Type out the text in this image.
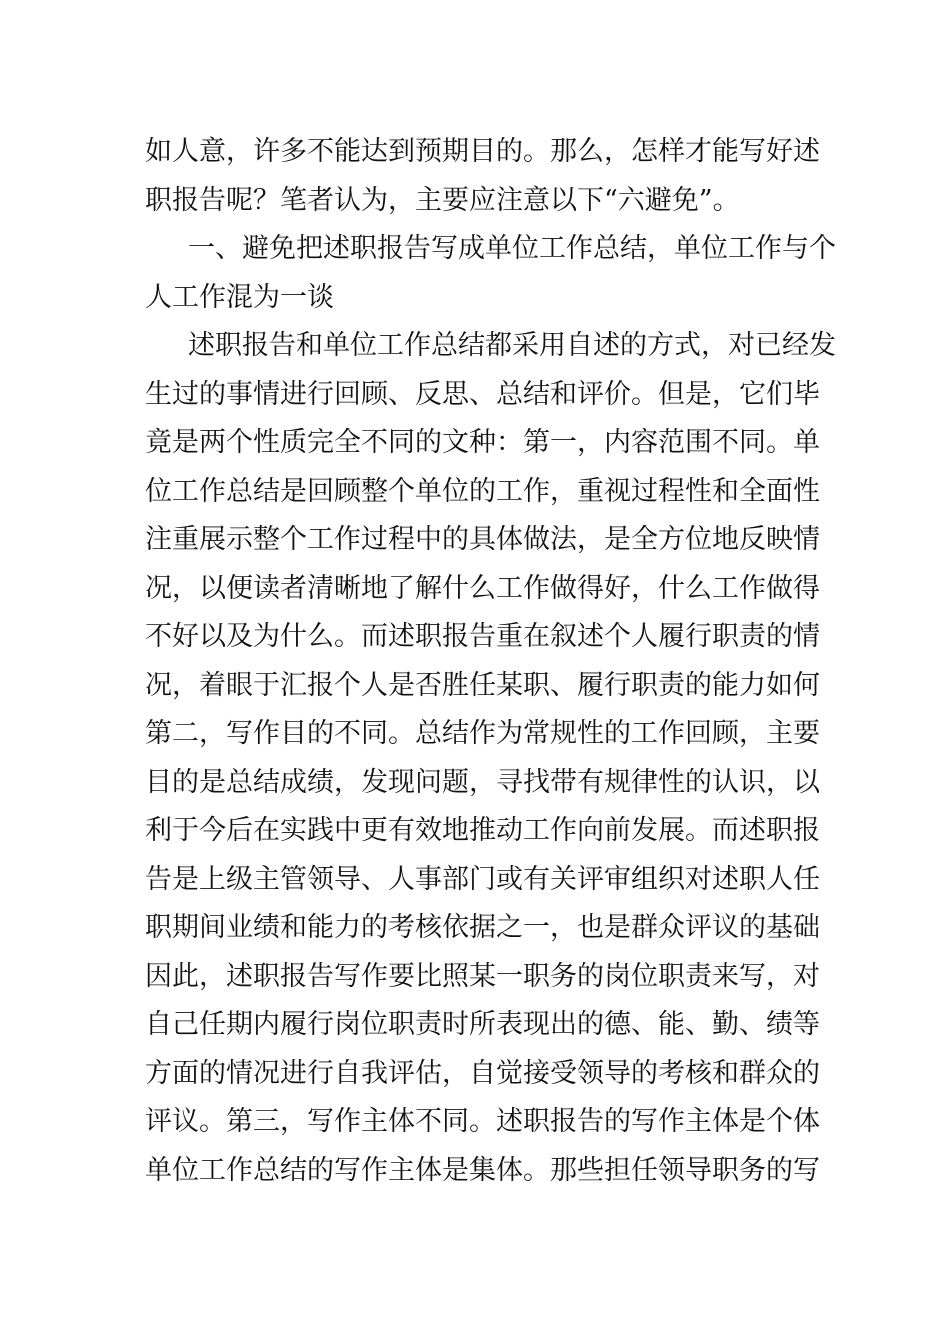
如人意，许多不能达到预期目的。那么，怎样才能写好述
职报告呢？笔者认为，主要应注意以下“六避免”。
一、避免把述职报告写成单位工作总结，单位工作与个
人工作混为一谈
述职报告和单位工作总结都采用自述的方式，对已经发
生过的事情进行回顾、反思、总结和评价。但是，它们毕
竟是两个性质完全不同的文种：第一，内容范围不同。单
位工作总结是回顾整个单位的工作，重视过程性和全面性
注重展示整个工作过程中的具体做法，是全方位地反映情
况，以便读者清晰地了解什么工作做得好，什么工作做得
不好以及为什么。而述职报告重在叙述个人履行职责的情
况，着眼于汇报个人是否胜任某职、履行职责的能力如何
第二，写作目的不同。总结作为常规性的工作回顾，主要
目的是总结成绩，发现问题，寻找带有规律性的认识，以
利于今后在实践中更有效地推动工作向前发展。而述职报
告是上级主管领导、人事部门或有关评审组织对述职人任
职期间业绩和能力的考核依据之一，也是群众评议的基础
因此，述职报告写作要比照某一职务的岗位职责来写，对
自己任期内履行岗位职责时所表现出的德、能、勤、绩等
方面的情况进行自我评估，自觉接受领导的考核和群众的
评议。第三，写作主体不同。述职报告的写作主体是个体
单位工作总结的写作主体是集体。那些担任领导职务的写
